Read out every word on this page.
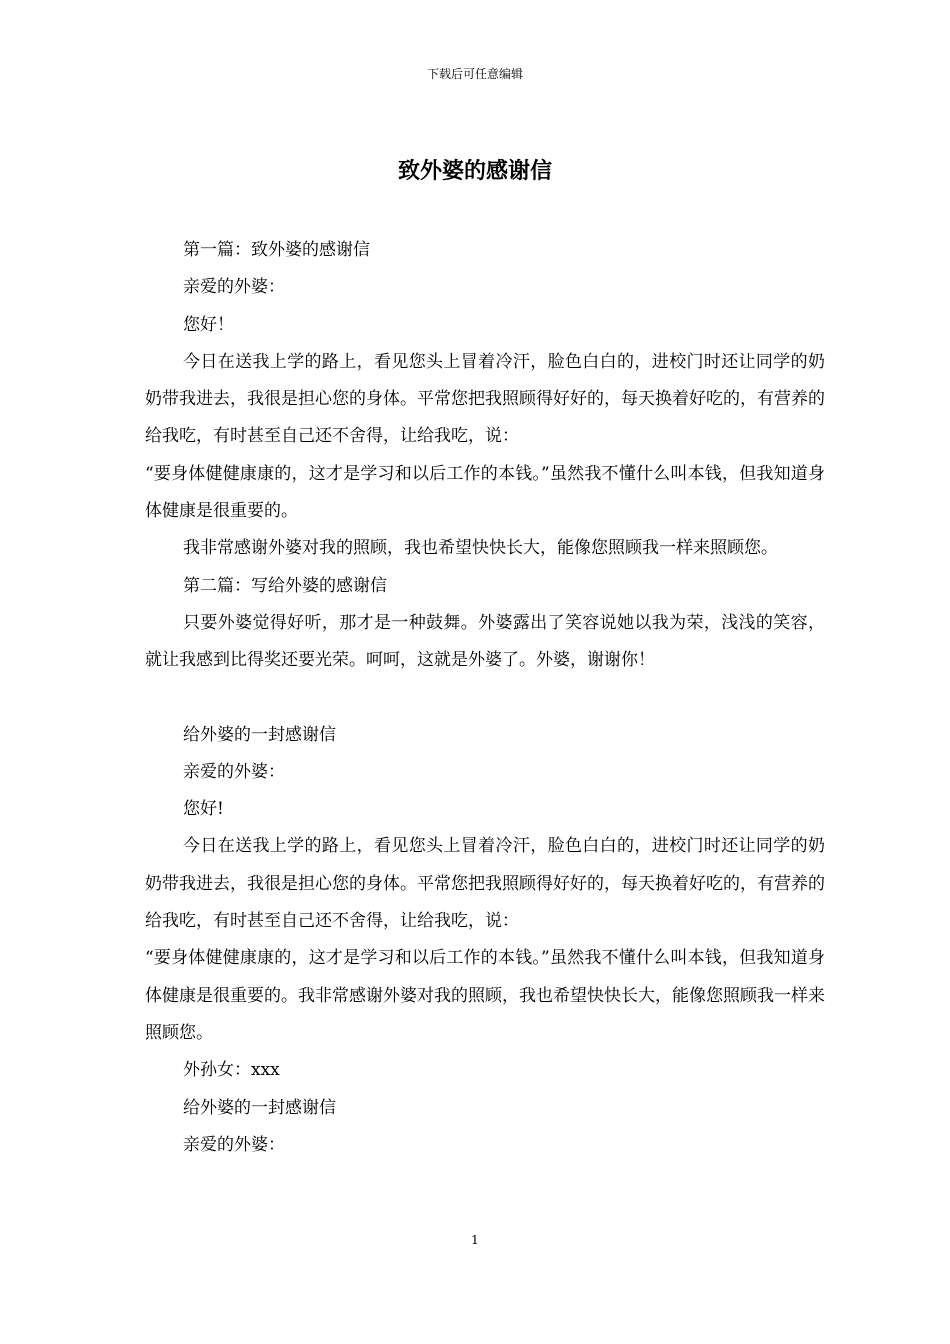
下载后可任意编辑
致外婆的感谢信

第一篇：致外婆的感谢信

亲爱的外婆：

您好！

今日在送我上学的路上，看见您头上冒着冷汗，脸色白白的，进校门时还让同学的奶奶带我进去，我很是担心您的身体。平常您把我照顾得好好的，每天换着好吃的，有营养的给我吃，有时甚至自己还不舍得，让给我吃，说：

“要身体健健康康的，这才是学习和以后工作的本钱。”虽然我不懂什么叫本钱，但我知道身体健康是很重要的。

我非常感谢外婆对我的照顾，我也希望快快长大，能像您照顾我一样来照顾您。

第二篇：写给外婆的感谢信

只要外婆觉得好听，那才是一种鼓舞。外婆露出了笑容说她以我为荣，浅浅的笑容，就让我感到比得奖还要光荣。呵呵，这就是外婆了。外婆，谢谢你！

给外婆的一封感谢信

亲爱的外婆：

您好!

今日在送我上学的路上，看见您头上冒着冷汗，脸色白白的，进校门时还让同学的奶奶带我进去，我很是担心您的身体。平常您把我照顾得好好的，每天换着好吃的，有营养的给我吃，有时甚至自己还不舍得，让给我吃，说：

“要身体健健康康的，这才是学习和以后工作的本钱。”虽然我不懂什么叫本钱，但我知道身体健康是很重要的。我非常感谢外婆对我的照顾，我也希望快快长大，能像您照顾我一样来照顾您。

外孙女：xxx

给外婆的一封感谢信

亲爱的外婆：

1
